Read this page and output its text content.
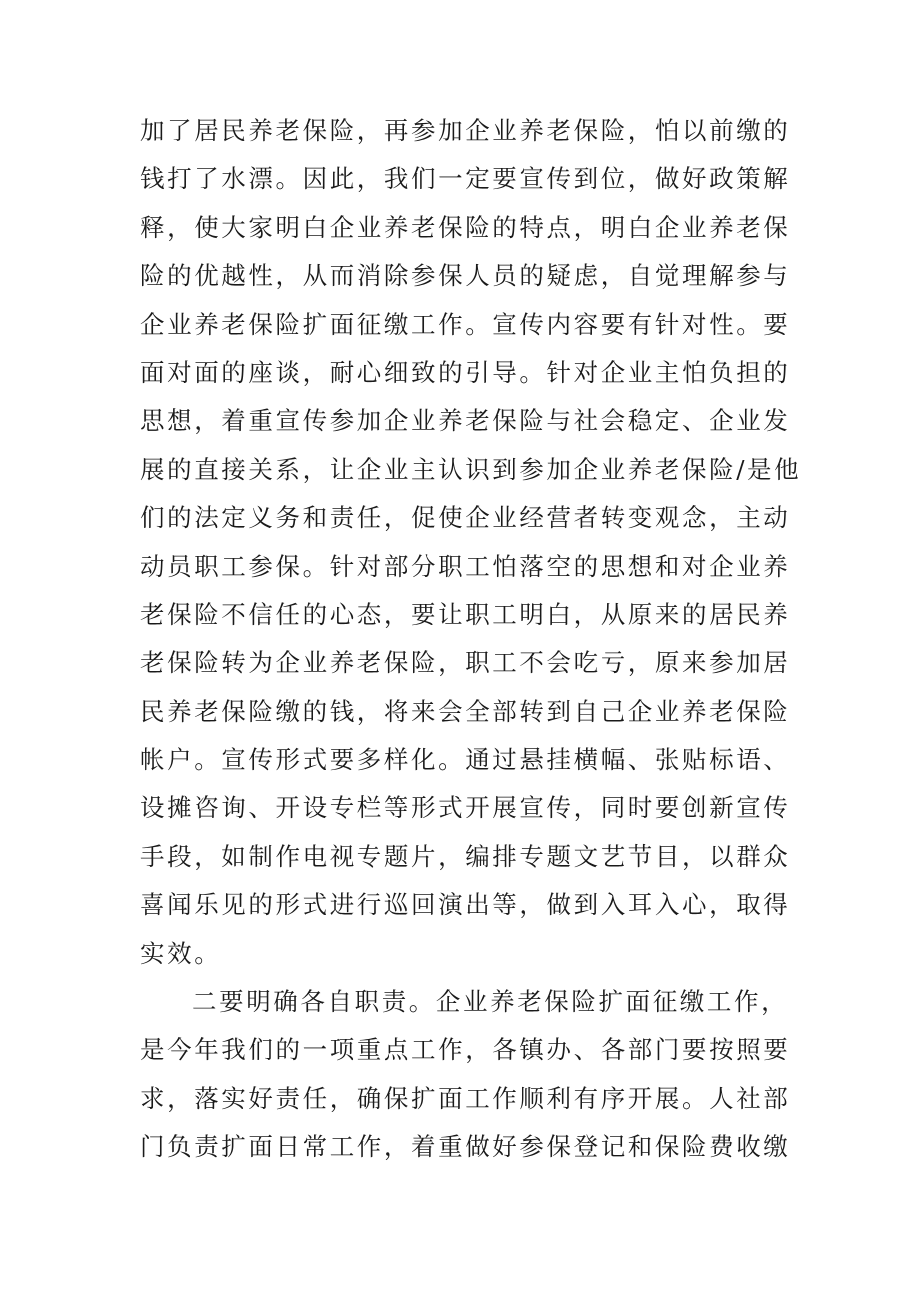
加了居民养老保险，再参加企业养老保险，怕以前缴的
钱打了水漂。因此，我们一定要宣传到位，做好政策解
释，使大家明白企业养老保险的特点，明白企业养老保
险的优越性，从而消除参保人员的疑虑，自觉理解参与
企业养老保险扩面征缴工作。宣传内容要有针对性。要
面对面的座谈，耐心细致的引导。针对企业主怕负担的
思想，着重宣传参加企业养老保险与社会稳定、企业发
展的直接关系，让企业主认识到参加企业养老保险/是他
们的法定义务和责任，促使企业经营者转变观念，主动
动员职工参保。针对部分职工怕落空的思想和对企业养
老保险不信任的心态，要让职工明白，从原来的居民养
老保险转为企业养老保险，职工不会吃亏，原来参加居
民养老保险缴的钱，将来会全部转到自己企业养老保险
帐户。宣传形式要多样化。通过悬挂横幅、张贴标语、
设摊咨询、开设专栏等形式开展宣传，同时要创新宣传
手段，如制作电视专题片，编排专题文艺节目，以群众
喜闻乐见的形式进行巡回演出等，做到入耳入心，取得
实效。
二要明确各自职责。企业养老保险扩面征缴工作，
是今年我们的一项重点工作，各镇办、各部门要按照要
求，落实好责任，确保扩面工作顺利有序开展。人社部
门负责扩面日常工作，着重做好参保登记和保险费收缴
